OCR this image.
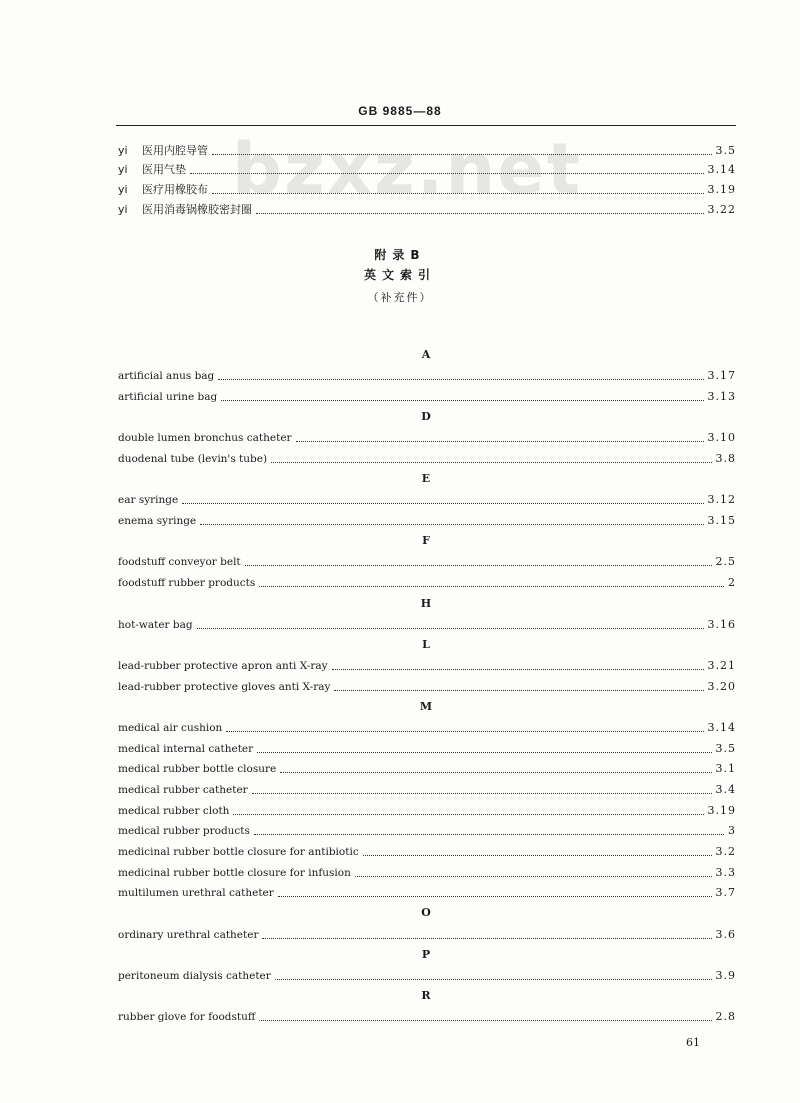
GB 9885—88
bzxz.net
yi 医用内腔导管	3.5
yi 医用气垫	3.14
yi 医疗用橡胶布	3.19
yi 医用消毒锅橡胶密封圈	3.22
附录B
英文索引
（补充件）
A
D
E
F
H
L
M
O
P
R
artificial anus bag	3.17
artificial urine bag	3.13
double lumen bronchus catheter	3.10
duodenal tube (levin's tube)	3.8
ear syringe	3.12
enema syringe	3.15
foodstuff conveyor belt	2.5
foodstuff rubber products	2
hot-water bag	3.16
lead-rubber protective apron anti X-ray	3.21
lead-rubber protective gloves anti X-ray	3.20
medical air cushion	3.14
medical internal catheter	3.5
medical rubber bottle closure	3.1
medical rubber catheter	3.4
medical rubber cloth	3.19
medical rubber products	3
medicinal rubber bottle closure for antibiotic	3.2
medicinal rubber bottle closure for infusion	3.3
multilumen urethral catheter	3.7
ordinary urethral catheter	3.6
peritoneum dialysis catheter	3.9
rubber glove for foodstuff	2.8
61
